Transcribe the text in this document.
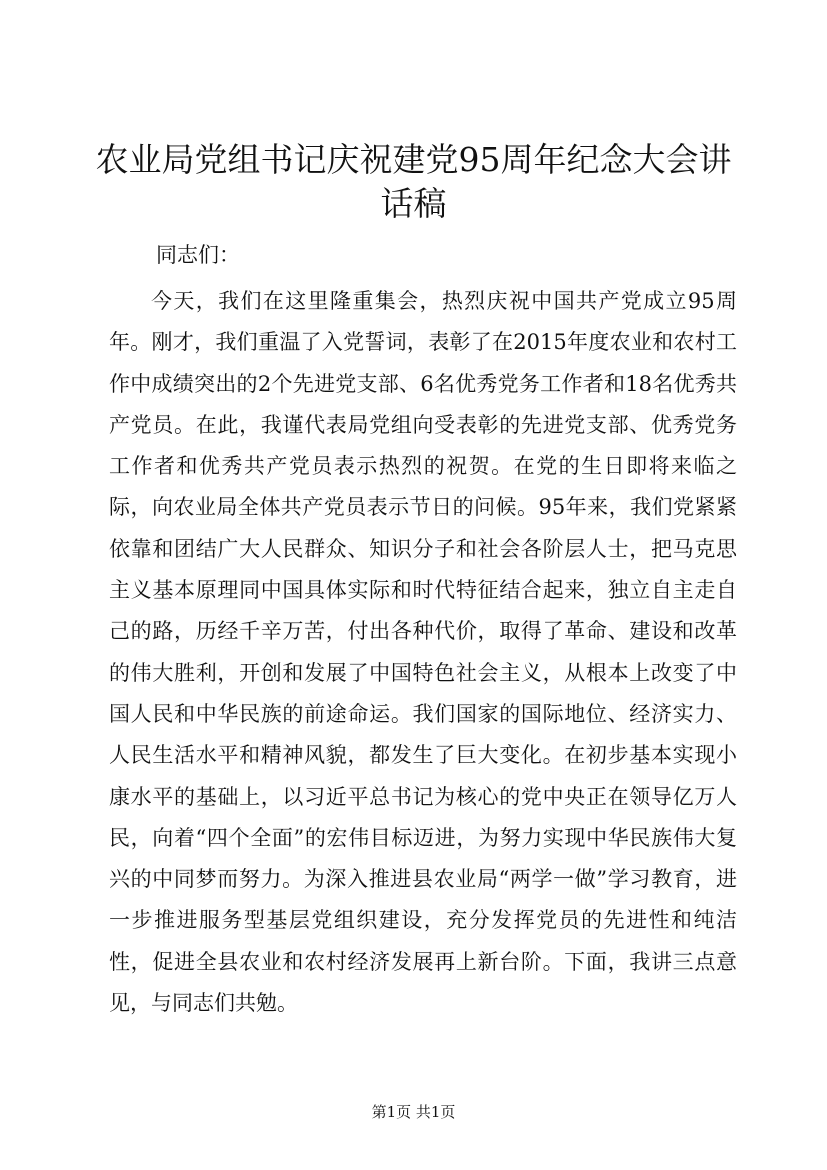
农业局党组书记庆祝建党95周年纪念大会讲话稿
同志们：

今天，我们在这里隆重集会，热烈庆祝中国共产党成立95周年。刚才，我们重温了入党誓词，表彰了在2015年度农业和农村工作中成绩突出的2个先进党支部、6名优秀党务工作者和18名优秀共产党员。在此，我谨代表局党组向受表彰的先进党支部、优秀党务工作者和优秀共产党员表示热烈的祝贺。在党的生日即将来临之际，向农业局全体共产党员表示节日的问候。95年来，我们党紧紧依靠和团结广大人民群众、知识分子和社会各阶层人士，把马克思主义基本原理同中国具体实际和时代特征结合起来，独立自主走自己的路，历经千辛万苦，付出各种代价，取得了革命、建设和改革的伟大胜利，开创和发展了中国特色社会主义，从根本上改变了中国人民和中华民族的前途命运。我们国家的国际地位、经济实力、人民生活水平和精神风貌，都发生了巨大变化。在初步基本实现小康水平的基础上，以习近平总书记为核心的党中央正在领导亿万人民，向着“四个全面”的宏伟目标迈进，为努力实现中华民族伟大复兴的中同梦而努力。为深入推进县农业局“两学一做”学习教育，进一步推进服务型基层党组织建设，充分发挥党员的先进性和纯洁性，促进全县农业和农村经济发展再上新台阶。下面，我讲三点意见，与同志们共勉。

第1页 共1页
